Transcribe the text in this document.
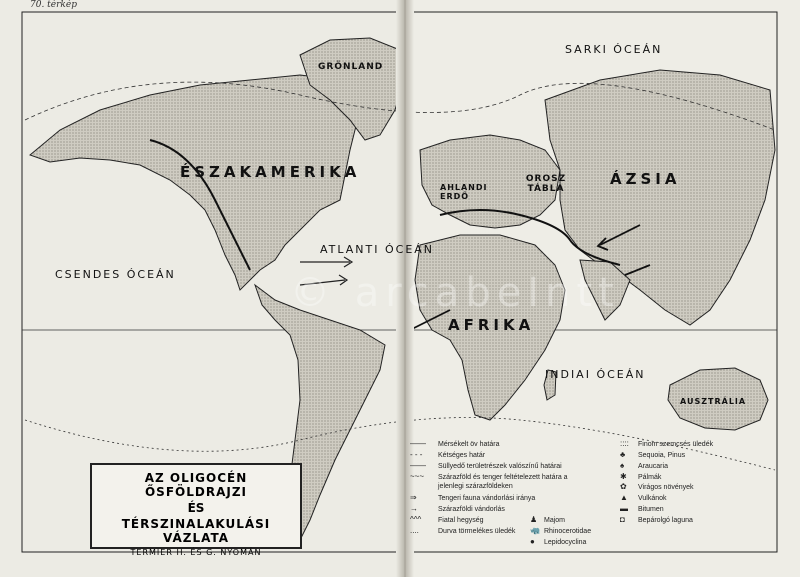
70. térkép
SARKI ÓCEÁN
GRÖNLAND
ÉSZAKAMERIKA	OROSZ TÁBLA
ÁZSIA
AHLANDI ERDŐ
ATLANTI ÓCEÁN
CSENDES ÓCEÁN
AFRIKA
INDIAI ÓCEÁN
AUSZTRÁLIA
© arcabeIntt
AZ OLIGOCÉN ŐSFÖLDRAJZI
ÉS
TÉRSZINALAKULÁSI VÁZLATA
TERMIER H. ÉS G. NYOMÁN
——	Mérsékelt öv határa
- - -	Kétséges határ
——	Süllyedő területrészek valószínű határai
~~~	Szárazföld és tenger feltételezett határa a
jelenlegi szárazföldeken
⇒	Tengeri fauna vándorlási iránya
→	Szárazföldi vándorlás
^^^	Fiatal hegység
....	Durva törmelékes üledék
♟ Majom
🦏 Rhinocerotidae
●	Lepidocyclina
::::	Finom szemcsés üledék
♣	Sequoia, Pinus
♠	Araucaria
✱	Pálmák
✿	Virágos növények
▲	Vulkánok
▬	Bitumen
◘	Bepárolgó laguna
